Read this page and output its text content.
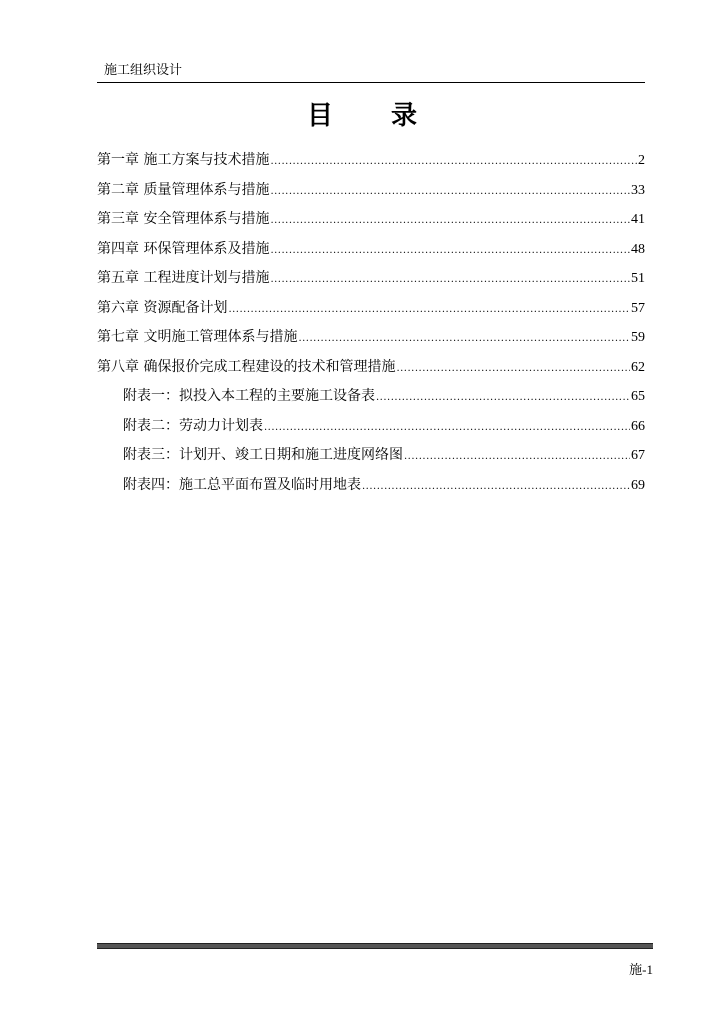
施工组织设计
目录
第一章 施工方案与技术措施 .....	2
第二章 质量管理体系与措施 .....	33
第三章 安全管理体系与措施 .....	41
第四章 环保管理体系及措施 .....	48
第五章 工程进度计划与措施 .....	51
第六章 资源配备计划 .....	57
第七章 文明施工管理体系与措施 .....	59
第八章 确保报价完成工程建设的技术和管理措施 .....	62
附表一：拟投入本工程的主要施工设备表 .....	65
附表二：劳动力计划表 .....	66
附表三：计划开、竣工日期和施工进度网络图 .....	67
附表四：施工总平面布置及临时用地表 .....	69
施-1
